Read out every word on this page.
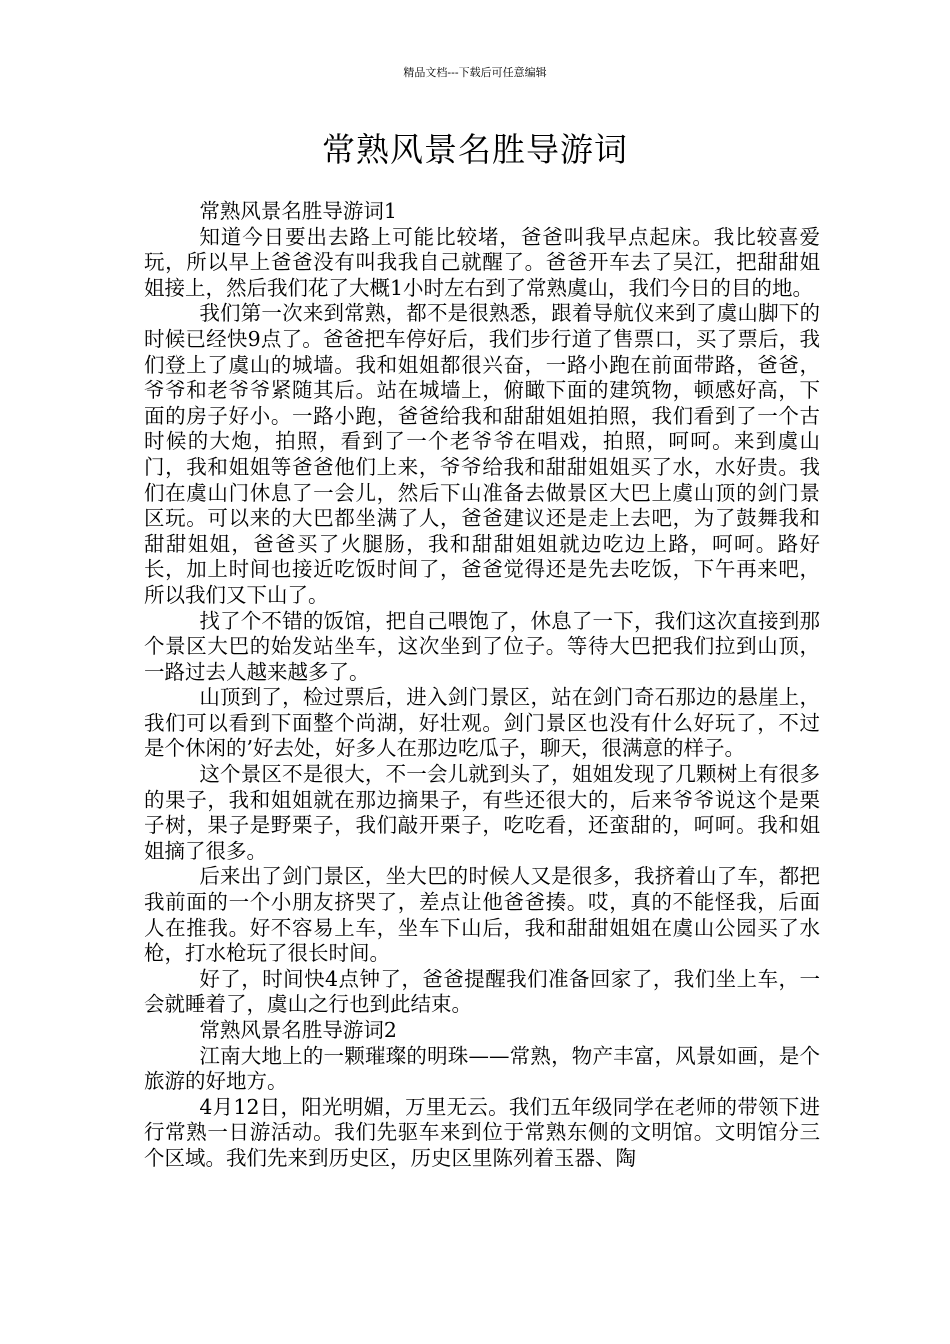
精品文档---下载后可任意编辑
常熟风景名胜导游词

常熟风景名胜导游词1

知道今日要出去路上可能比较堵，爸爸叫我早点起床。我比较喜爱玩，所以早上爸爸没有叫我我自己就醒了。爸爸开车去了吴江，把甜甜姐姐接上，然后我们花了大概1小时左右到了常熟虞山，我们今日的目的地。

我们第一次来到常熟，都不是很熟悉，跟着导航仪来到了虞山脚下的时候已经快9点了。爸爸把车停好后，我们步行道了售票口，买了票后，我们登上了虞山的城墙。我和姐姐都很兴奋，一路小跑在前面带路，爸爸，爷爷和老爷爷紧随其后。站在城墙上，俯瞰下面的建筑物，顿感好高，下面的房子好小。一路小跑，爸爸给我和甜甜姐姐拍照，我们看到了一个古时候的大炮，拍照，看到了一个老爷爷在唱戏，拍照，呵呵。来到虞山门，我和姐姐等爸爸他们上来，爷爷给我和甜甜姐姐买了水，水好贵。我们在虞山门休息了一会儿，然后下山准备去做景区大巴上虞山顶的剑门景区玩。可以来的大巴都坐满了人，爸爸建议还是走上去吧，为了鼓舞我和甜甜姐姐，爸爸买了火腿肠，我和甜甜姐姐就边吃边上路，呵呵。路好长，加上时间也接近吃饭时间了，爸爸觉得还是先去吃饭，下午再来吧，所以我们又下山了。

找了个不错的饭馆，把自己喂饱了，休息了一下，我们这次直接到那个景区大巴的始发站坐车，这次坐到了位子。等待大巴把我们拉到山顶，一路过去人越来越多了。

山顶到了，检过票后，进入剑门景区，站在剑门奇石那边的悬崖上，我们可以看到下面整个尚湖，好壮观。剑门景区也没有什么好玩了，不过是个休闲的’好去处，好多人在那边吃瓜子，聊天，很满意的样子。

这个景区不是很大，不一会儿就到头了，姐姐发现了几颗树上有很多的果子，我和姐姐就在那边摘果子，有些还很大的，后来爷爷说这个是栗子树，果子是野栗子，我们敲开栗子，吃吃看，还蛮甜的，呵呵。我和姐姐摘了很多。

后来出了剑门景区，坐大巴的时候人又是很多，我挤着山了车，都把我前面的一个小朋友挤哭了，差点让他爸爸揍。哎，真的不能怪我，后面人在推我。好不容易上车，坐车下山后，我和甜甜姐姐在虞山公园买了水枪，打水枪玩了很长时间。

好了，时间快4点钟了，爸爸提醒我们准备回家了，我们坐上车，一会就睡着了，虞山之行也到此结束。

常熟风景名胜导游词2

江南大地上的一颗璀璨的明珠——常熟，物产丰富，风景如画，是个旅游的好地方。

4月12日，阳光明媚，万里无云。我们五年级同学在老师的带领下进行常熟一日游活动。我们先驱车来到位于常熟东侧的文明馆。文明馆分三个区域。我们先来到历史区，历史区里陈列着玉器、陶
